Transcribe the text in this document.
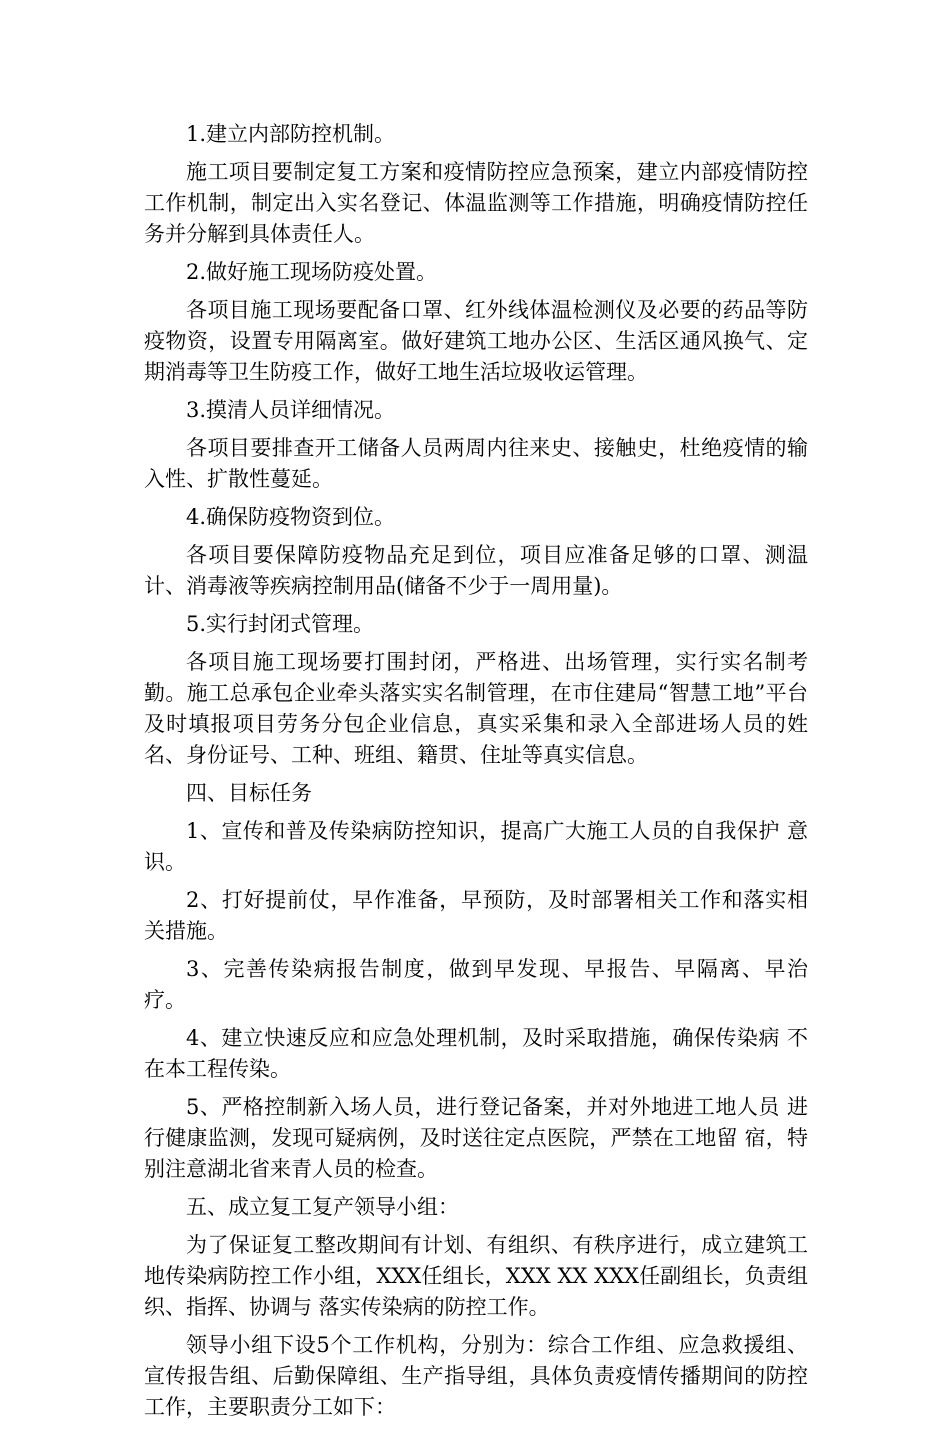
1.建立内部防控机制。

施工项目要制定复工方案和疫情防控应急预案，建立内部疫情防控工作机制，制定出入实名登记、体温监测等工作措施，明确疫情防控任务并分解到具体责任人。

2.做好施工现场防疫处置。

各项目施工现场要配备口罩、红外线体温检测仪及必要的药品等防疫物资，设置专用隔离室。做好建筑工地办公区、生活区通风换气、定期消毒等卫生防疫工作，做好工地生活垃圾收运管理。

3.摸清人员详细情况。

各项目要排查开工储备人员两周内往来史、接触史，杜绝疫情的输入性、扩散性蔓延。

4.确保防疫物资到位。

各项目要保障防疫物品充足到位，项目应准备足够的口罩、测温计、消毒液等疾病控制用品(储备不少于一周用量)。

5.实行封闭式管理。

各项目施工现场要打围封闭，严格进、出场管理，实行实名制考勤。施工总承包企业牵头落实实名制管理，在市住建局“智慧工地”平台及时填报项目劳务分包企业信息，真实采集和录入全部进场人员的姓名、身份证号、工种、班组、籍贯、住址等真实信息。

四、目标任务

1、宣传和普及传染病防控知识，提高广大施工人员的自我保护 意识。

2、打好提前仗，早作准备，早预防，及时部署相关工作和落实相关措施。

3、完善传染病报告制度，做到早发现、早报告、早隔离、早治疗。

4、建立快速反应和应急处理机制，及时采取措施，确保传染病 不在本工程传染。

5、严格控制新入场人员，进行登记备案，并对外地进工地人员 进行健康监测，发现可疑病例，及时送往定点医院，严禁在工地留 宿，特别注意湖北省来青人员的检查。

五、成立复工复产领导小组：

为了保证复工整改期间有计划、有组织、有秩序进行，成立建筑工地传染病防控工作小组，XXX任组长，XXX XX XXX任副组长，负责组织、指挥、协调与 落实传染病的防控工作。

领导小组下设5个工作机构，分别为：综合工作组、应急救援组、宣传报告组、后勤保障组、生产指导组，具体负责疫情传播期间的防控工作，主要职责分工如下：
